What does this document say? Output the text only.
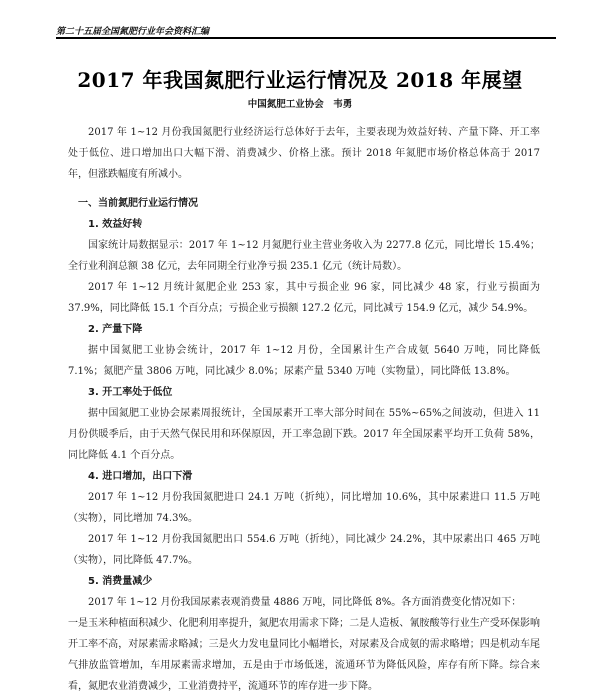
第二十五届全国氮肥行业年会资料汇编
2017 年我国氮肥行业运行情况及 2018 年展望
中国氮肥工业协会　韦勇

2017 年 1~12 月份我国氮肥行业经济运行总体好于去年，主要表现为效益好转、产量下降、开工率处于低位、进口增加出口大幅下滑、消费减少、价格上涨。预计 2018 年氮肥市场价格总体高于 2017 年，但涨跌幅度有所减小。

一、当前氮肥行业运行情况
1. 效益好转

国家统计局数据显示：2017 年 1~12 月氮肥行业主营业务收入为 2277.8 亿元，同比增长 15.4%；全行业利润总额 38 亿元，去年同期全行业净亏损 235.1 亿元（统计局数）。

2017 年 1~12 月统计氮肥企业 253 家，其中亏损企业 96 家，同比减少 48 家，行业亏损面为 37.9%，同比降低 15.1 个百分点；亏损企业亏损额 127.2 亿元，同比减亏 154.9 亿元，减少 54.9%。

2. 产量下降

据中国氮肥工业协会统计，2017 年 1~12 月份，全国累计生产合成氨 5640 万吨，同比降低 7.1%；氮肥产量 3806 万吨，同比减少 8.0%；尿素产量 5340 万吨（实物量），同比降低 13.8%。

3. 开工率处于低位

据中国氮肥工业协会尿素周报统计，全国尿素开工率大部分时间在 55%~65%之间波动，但进入 11 月份供暖季后，由于天然气保民用和环保原因，开工率急剧下跌。2017 年全国尿素平均开工负荷 58%，同比降低 4.1 个百分点。

4. 进口增加，出口下滑

2017 年 1~12 月份我国氮肥进口 24.1 万吨（折纯），同比增加 10.6%，其中尿素进口 11.5 万吨（实物），同比增加 74.3%。

2017 年 1~12 月份我国氮肥出口 554.6 万吨（折纯），同比减少 24.2%，其中尿素出口 465 万吨（实物），同比降低 47.7%。

5. 消费量减少

2017 年 1~12 月份我国尿素表观消费量 4886 万吨，同比降低 8%。各方面消费变化情况如下：

一是玉米种植面积减少、化肥利用率提升，氮肥农用需求下降；二是人造板、氰胺酸等行业生产受环保影响开工率不高，对尿素需求略减；三是火力发电量同比小幅增长，对尿素及合成氨的需求略增；四是机动车尾气排放监管增加，车用尿素需求增加，五是由于市场低迷，流通环节为降低风险，库存有所下降。综合来看，氮肥农业消费减少，工业消费持平，流通环节的库存进一步下降。
